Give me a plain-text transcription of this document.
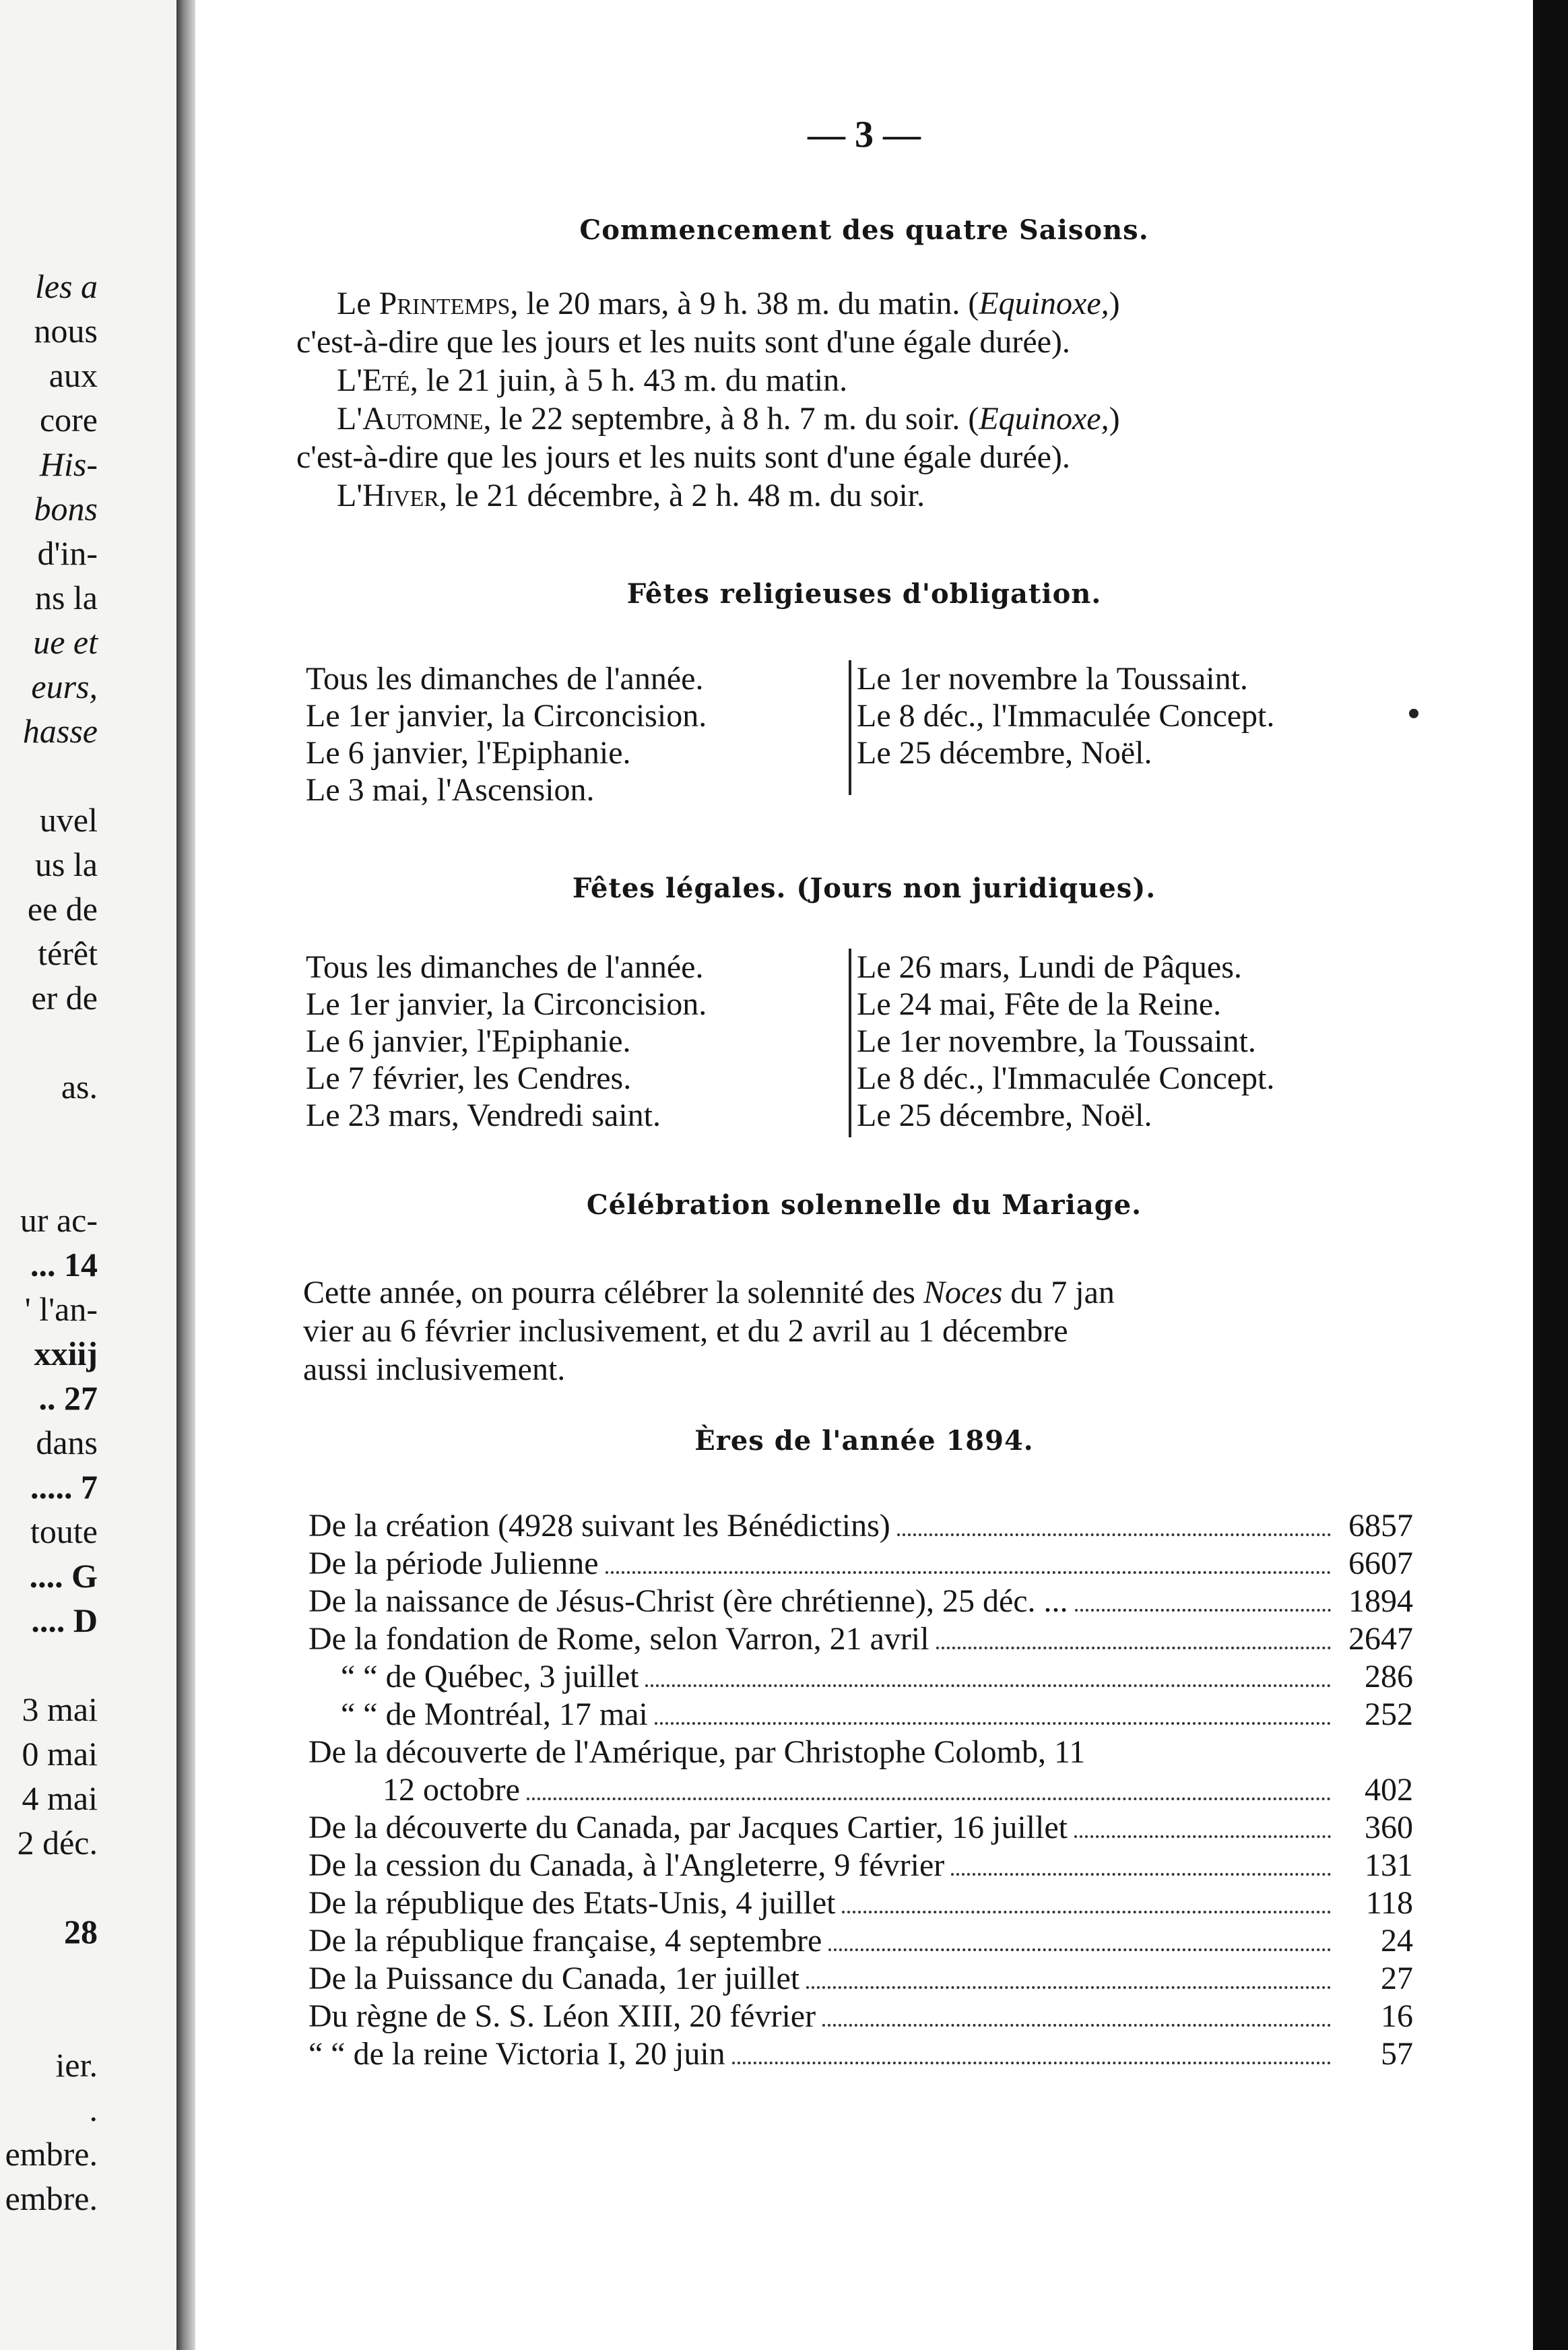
les a
nous
aux
core
His-
bons
d'in-
ns la
ue et
eurs,
hasse
uvel
us la
ee de
térêt
er de
as.
ur ac-
... 14
' l'an-
xxiij
.. 27
dans
..... 7
toute
.... G
.... D
3 mai
0 mai
4 mai
2 déc.
28
ier.
.
embre.
embre.
— 3 —
Commencement des quatre Saisons.
Le Printemps, le 20 mars, à 9 h. 38 m. du matin. (Equinoxe,)
c'est-à-dire que les jours et les nuits sont d'une égale durée).
L'Eté, le 21 juin, à 5 h. 43 m. du matin.
L'Automne, le 22 septembre, à 8 h. 7 m. du soir. (Equinoxe,)
c'est-à-dire que les jours et les nuits sont d'une égale durée).
L'Hiver, le 21 décembre, à 2 h. 48 m. du soir.
Fêtes religieuses d'obligation.
Tous les dimanches de l'année.
Le 1er janvier, la Circoncision.
Le 6 janvier, l'Epiphanie.
Le 3 mai, l'Ascension.
Le 1er novembre la Toussaint.
Le 8 déc., l'Immaculée Concept.
Le 25 décembre, Noël.
Fêtes légales. (Jours non juridiques).
Tous les dimanches de l'année.
Le 1er janvier, la Circoncision.
Le 6 janvier, l'Epiphanie.
Le 7 février, les Cendres.
Le 23 mars, Vendredi saint.
Le 26 mars, Lundi de Pâques.
Le 24 mai, Fête de la Reine.
Le 1er novembre, la Toussaint.
Le 8 déc., l'Immaculée Concept.
Le 25 décembre, Noël.
Célébration solennelle du Mariage.
Cette année, on pourra célébrer la solennité des Noces du 7 jan
vier au 6 février inclusivement, et du 2 avril au 1 décembre
aussi inclusivement.
Ères de l'année 1894.
De la création (4928 suivant les Bénédictins)	6857
De la période Julienne	6607
De la naissance de Jésus-Christ (ère chrétienne), 25 déc. ...	1894
De la fondation de Rome, selon Varron, 21 avril	2647
“ “ de Québec, 3 juillet	286
“ “ de Montréal, 17 mai	252
De la découverte de l'Amérique, par Christophe Colomb, 11
12 octobre	402
De la découverte du Canada, par Jacques Cartier, 16 juillet	360
De la cession du Canada, à l'Angleterre, 9 février	131
De la république des Etats-Unis, 4 juillet	118
De la république française, 4 septembre	24
De la Puissance du Canada, 1er juillet	27
Du règne de S. S. Léon XIII, 20 février	16
“ “ de la reine Victoria I, 20 juin	57
